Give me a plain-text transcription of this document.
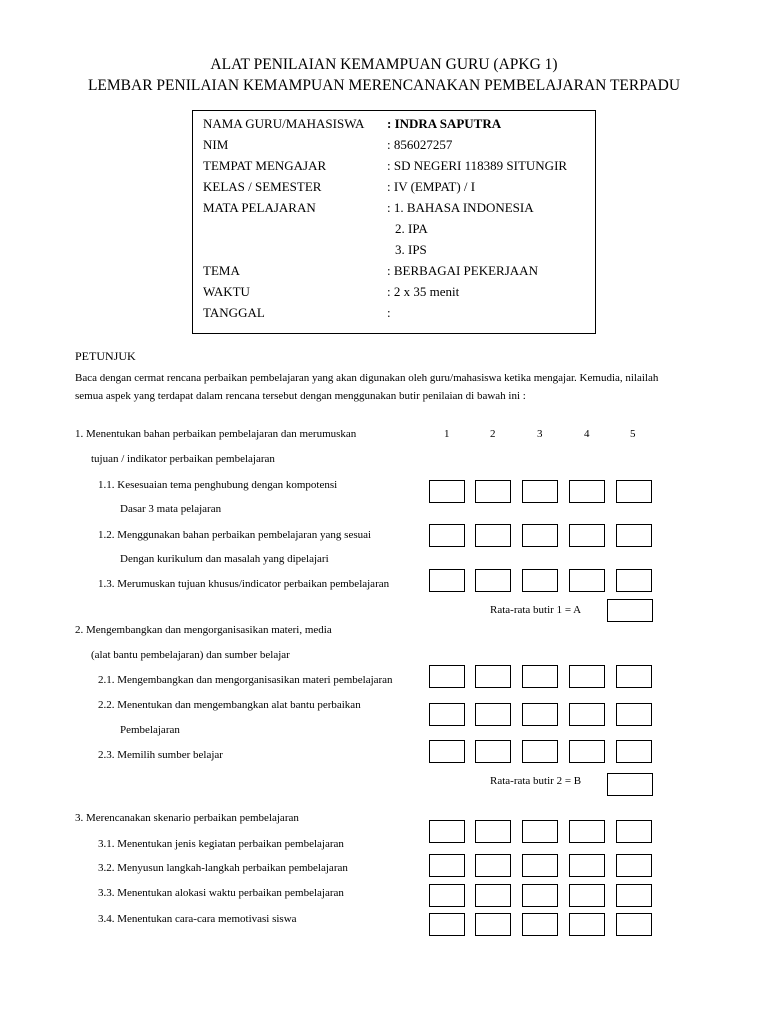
ALAT PENILAIAN KEMAMPUAN GURU (APKG 1)
LEMBAR PENILAIAN KEMAMPUAN MERENCANAKAN PEMBELAJARAN TERPADU
NAMA GURU/MAHASISWA : INDRA SAPUTRA
NIM	: 856027257
TEMPAT MENGAJAR	: SD NEGERI 118389 SITUNGIR
KELAS / SEMESTER	: IV (EMPAT) / I
MATA PELAJARAN	: 1. BAHASA INDONESIA
2. IPA
3. IPS
TEMA	: BERBAGAI PEKERJAAN
WAKTU	: 2 x 35 menit
TANGGAL	:
PETUNJUK
Baca dengan cermat rencana perbaikan pembelajaran yang akan digunakan oleh guru/mahasiswa ketika mengajar. Kemudia, nilailah
semua aspek yang terdapat dalam rencana tersebut dengan menggunakan butir penilaian di bawah ini :
1	2	3	4	5
1. Menentukan bahan perbaikan pembelajaran dan merumuskan
tujuan / indikator perbaikan pembelajaran
1.1. Kesesuaian tema penghubung dengan kompotensi
Dasar 3 mata pelajaran
1.2. Menggunakan bahan perbaikan pembelajaran yang sesuai
Dengan kurikulum dan masalah yang dipelajari
1.3. Merumuskan tujuan khusus/indicator perbaikan pembelajaran
Rata-rata butir 1 = A
2. Mengembangkan dan mengorganisasikan materi, media
(alat bantu pembelajaran) dan sumber belajar
2.1. Mengembangkan dan mengorganisasikan materi pembelajaran
2.2. Menentukan dan mengembangkan alat bantu perbaikan
Pembelajaran
2.3. Memilih sumber belajar
Rata-rata butir 2 = B
3. Merencanakan skenario perbaikan pembelajaran
3.1. Menentukan jenis kegiatan perbaikan pembelajaran
3.2. Menyusun langkah-langkah perbaikan pembelajaran
3.3. Menentukan alokasi waktu perbaikan pembelajaran
3.4. Menentukan cara-cara memotivasi siswa
